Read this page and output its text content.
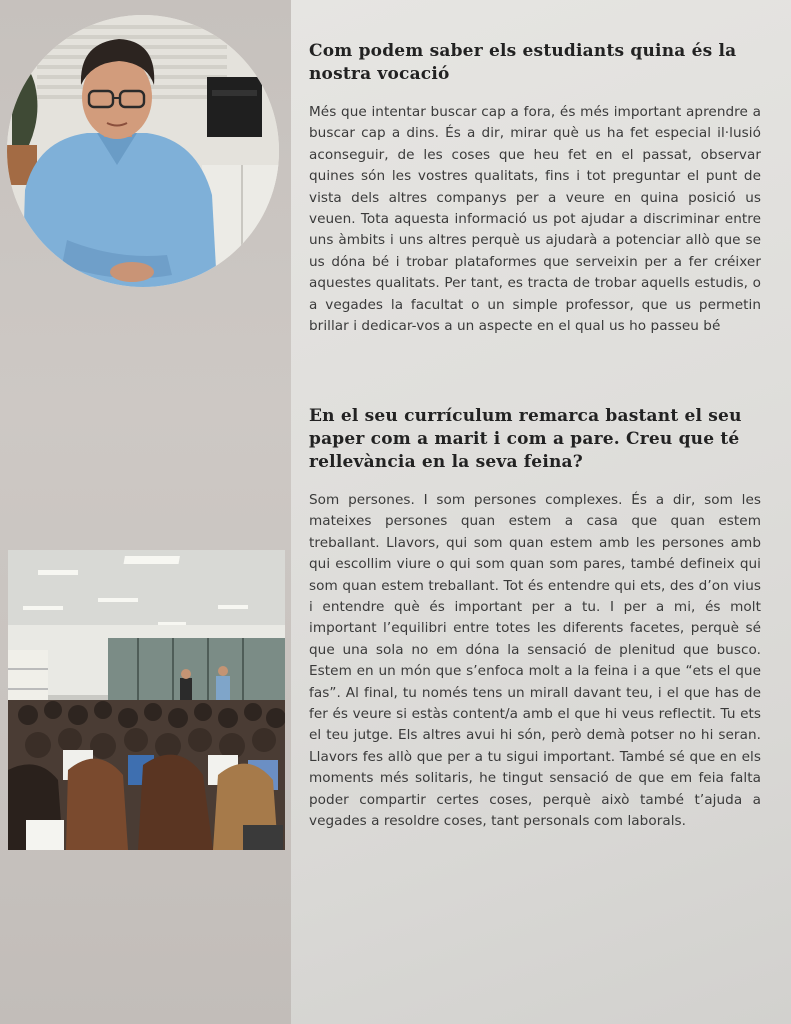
Com podem saber els estudiants quina és la nostra vocació

Més que intentar buscar cap a fora, és més important aprendre a buscar cap a dins. És a dir, mirar què us ha fet especial il·lusió aconseguir, de les coses que heu fet en el passat, observar quines són les vostres qualitats, fins i tot preguntar el punt de vista dels altres companys per a veure en quina posició us veuen. Tota aquesta informació us pot ajudar a discriminar entre uns àmbits i uns altres perquè us ajudarà a potenciar allò que se us dóna bé i trobar plataformes que serveixin per a fer créixer aquestes qualitats. Per tant, es tracta de trobar aquells estudis, o a vegades la facultat o un simple professor, que us permetin brillar i dedicar-vos a un aspecte en el qual us ho passeu bé

En el seu currículum remarca bastant el seu paper com a marit i com a pare. Creu que té rellevància en la seva feina?

Som persones. I som persones complexes. És a dir, som les mateixes persones quan estem a casa que quan estem treballant. Llavors, qui som quan estem amb les persones amb qui escollim viure o qui som quan som pares, també defineix qui som quan estem treballant. Tot és entendre qui ets, des d’on vius i entendre què és important per a tu. I per a mi, és molt important l’equilibri entre totes les diferents facetes, perquè sé que una sola no em dóna la sensació de plenitud que busco. Estem en un món que s’enfoca molt a la feina i a que “ets el que fas”. Al final, tu només tens un mirall davant teu, i el que has de fer és veure si estàs content/a amb el que hi veus reflectit. Tu ets el teu jutge. Els altres avui hi són, però demà potser no hi seran. Llavors fes allò que per a tu sigui important. També sé que en els moments més solitaris, he tingut sensació de que em feia falta poder compartir certes coses, perquè això també t’ajuda a vegades a resoldre coses, tant personals com laborals.
